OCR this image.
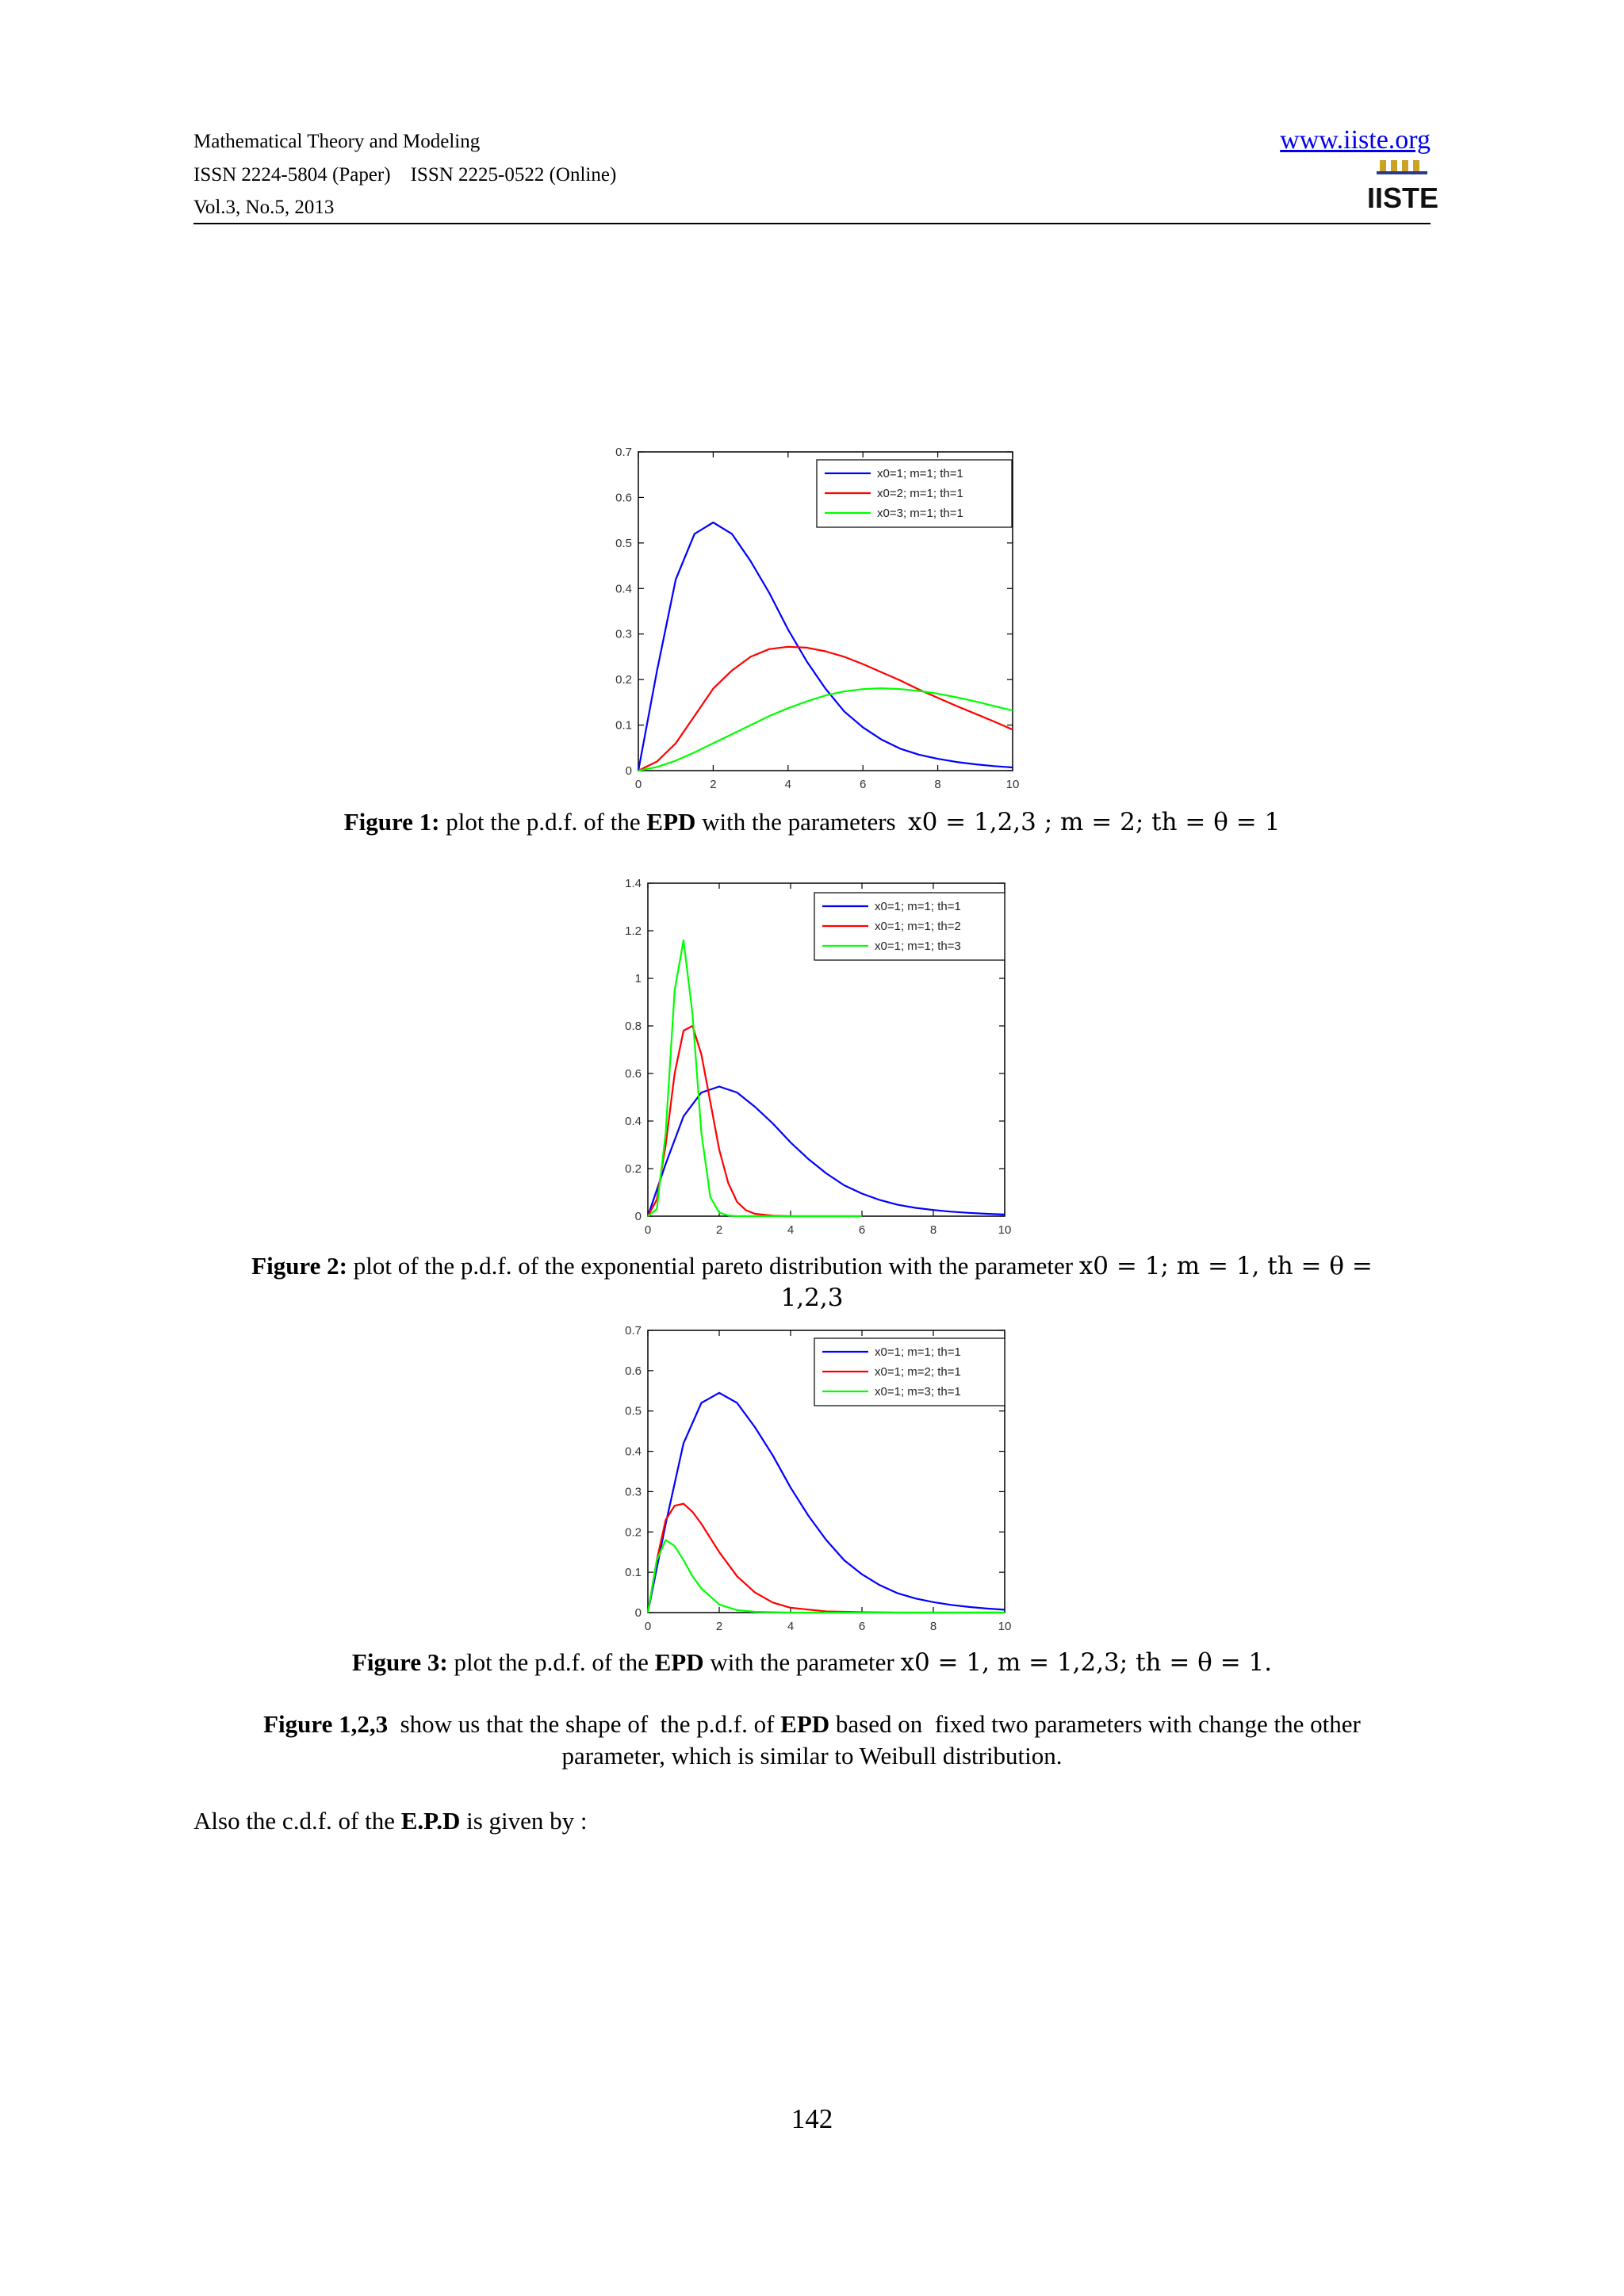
Mathematical Theory and Modeling
ISSN 2224-5804 (Paper)    ISSN 2225-0522 (Online)
Vol.3, No.5, 2013
www.iiste.org
IISTE
0	2	4	6	8	10
0
0.1
0.2
0.3
0.4
0.5
0.6
0.7
x0=1; m=1; th=1
x0=2; m=1; th=1
x0=3; m=1; th=1
Figure 1: plot the p.d.f. of the EPD with the parameters  x0 = 1,2,3 ; m = 2; th = θ = 1
0	2	4	6	8	10
0
0.2
0.4
0.6
0.8
1
1.2
1.4
x0=1; m=1; th=1
x0=1; m=1; th=2
x0=1; m=1; th=3
Figure 2: plot of the p.d.f. of the exponential pareto distribution with the parameter x0 = 1; m = 1, th = θ =
1,2,3
0	2	4	6	8	10
0
0.1
0.2
0.3
0.4
0.5
0.6
0.7
x0=1; m=1; th=1
x0=1; m=2; th=1
x0=1; m=3; th=1
Figure 3: plot the p.d.f. of the EPD with the parameter x0 = 1, m = 1,2,3; th = θ = 1.
Figure 1,2,3  show us that the shape of  the p.d.f. of EPD based on  fixed two parameters with change the other
parameter, which is similar to Weibull distribution.
Also the c.d.f. of the E.P.D is given by :
142
